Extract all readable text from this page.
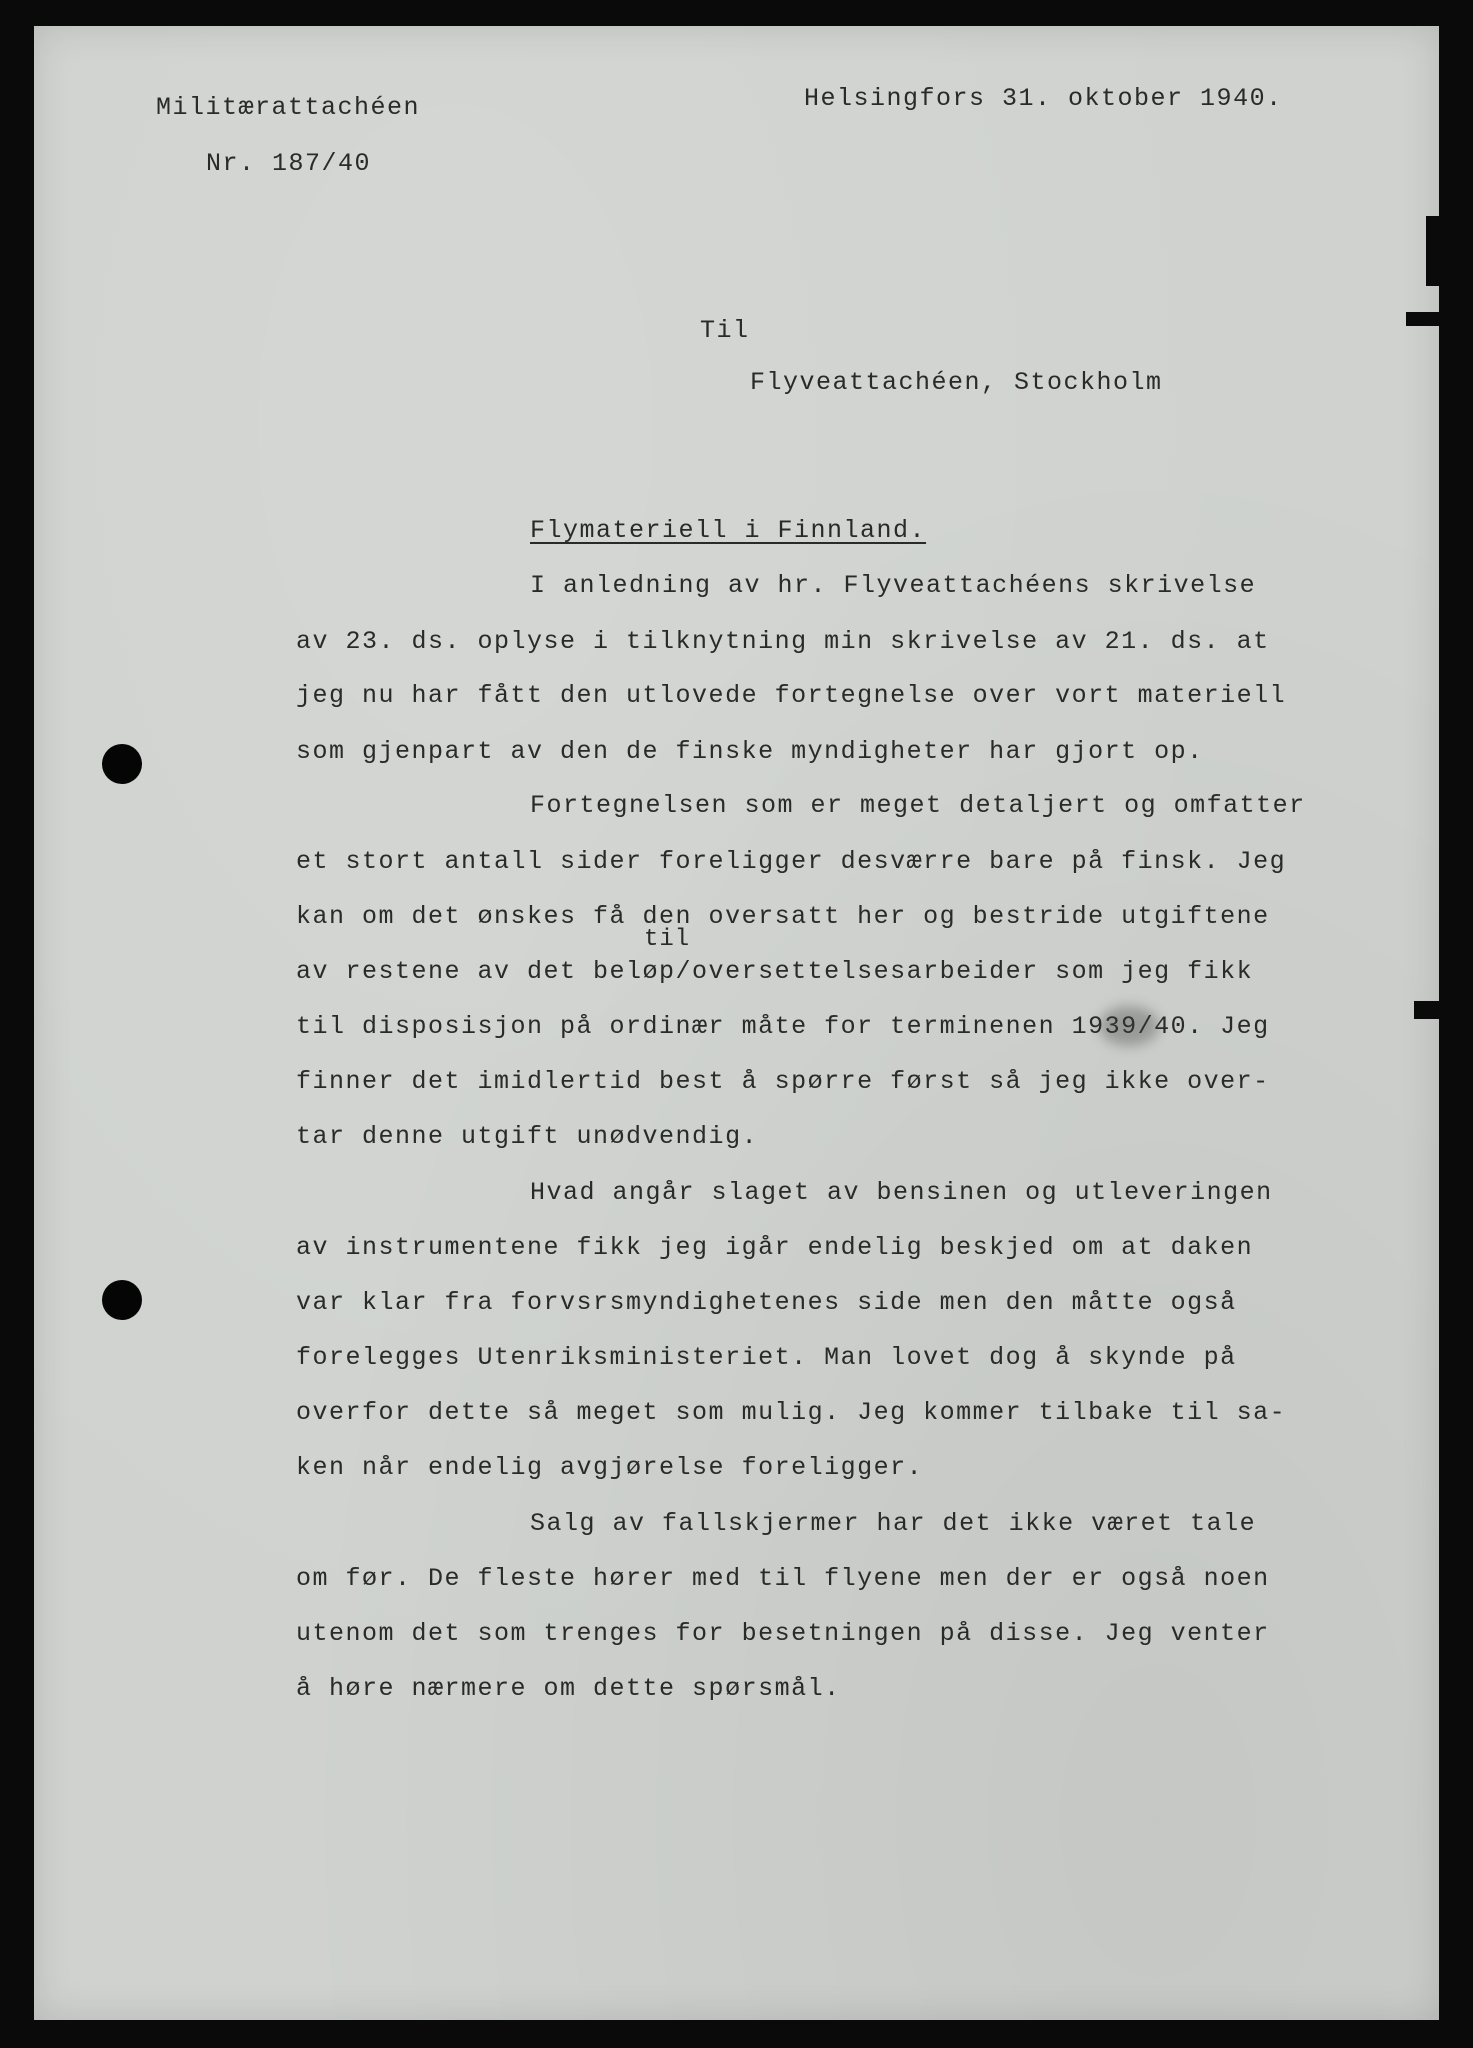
Militærattachéen
Nr. 187/40
Helsingfors 31. oktober 1940.
Til
Flyveattachéen, Stockholm
Flymateriell i Finnland.
I anledning av hr. Flyveattachéens skrivelse
av 23. ds. oplyse i tilknytning min skrivelse av 21. ds. at
jeg nu har fått den utlovede fortegnelse over vort materiell
som gjenpart av den de finske myndigheter har gjort op.
Fortegnelsen som er meget detaljert og omfatter
et stort antall sider foreligger desværre bare på finsk. Jeg
kan om det ønskes få den oversatt her og bestride utgiftene
til
av restene av det beløp/oversettelsesarbeider som jeg fikk
til disposisjon på ordinær måte for terminenen 1939/40. Jeg
finner det imidlertid best å spørre først så jeg ikke over-
tar denne utgift unødvendig.
Hvad angår slaget av bensinen og utleveringen
av instrumentene fikk jeg igår endelig beskjed om at daken
var klar fra forvsrsmyndighetenes side men den måtte også
forelegges Utenriksministeriet. Man lovet dog å skynde på
overfor dette så meget som mulig. Jeg kommer tilbake til sa-
ken når endelig avgjørelse foreligger.
Salg av fallskjermer har det ikke været tale
om før. De fleste hører med til flyene men der er også noen
utenom det som trenges for besetningen på disse. Jeg venter
å høre nærmere om dette spørsmål.
